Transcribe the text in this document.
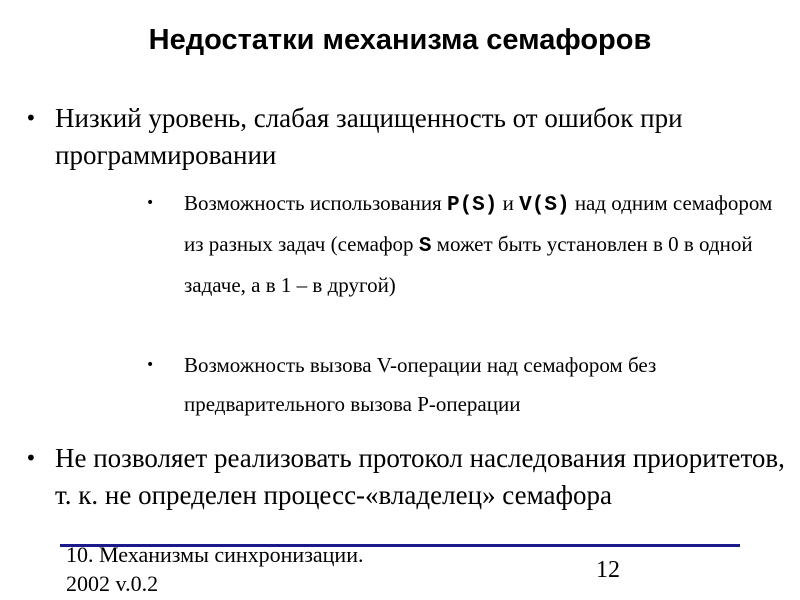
Недостатки механизма семафоров
• Низкий уровень, слабая защищенность от ошибок при программировании
• Возможность использования P(S) и V(S) над одним семафором из разных задач (семафор S может быть установлен в 0 в одной задаче, а в 1 – в другой)
• Возможность вызова V-операции над семафором без предварительного вызова P-операции
• Не позволяет реализовать протокол наследования приоритетов, т. к. не определен процесс-«владелец» семафора
10. Механизмы синхронизации.
2002 v.0.2
12
